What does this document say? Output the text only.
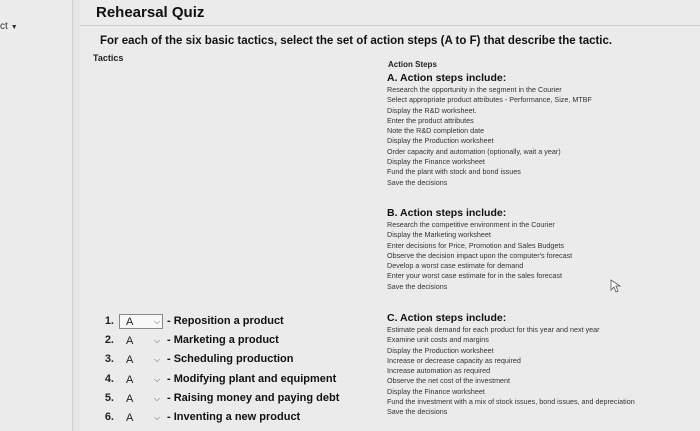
ct ▼
Rehearsal Quiz
For each of the six basic tactics, select the set of action steps (A to F) that describe the tactic.
Tactics
Action Steps
A. Action steps include:
Research the opportunity in the segment in the Courier
Select appropriate product attributes - Performance, Size, MTBF
Display the R&D worksheet.
Enter the product attributes
Note the R&D completion date
Display the Production worksheet
Order capacity and automation (optionally, wait a year)
Display the Finance worksheet
Fund the plant with stock and bond issues
Save the decisions
B. Action steps include:
Research the competitive environment in the Courier
Display the Marketing worksheet
Enter decisions for Price, Promotion and Sales Budgets
Observe the decision impact upon the computer's forecast
Develop a worst case estimate for demand
Enter your worst case estimate for in the sales forecast
Save the decisions
C. Action steps include:
Estimate peak demand for each product for this year and next year
Examine unit costs and margins
Display the Production worksheet
Increase or decrease capacity as required
Increase automation as required
Observe the net cost of the investment
Display the Finance worksheet
Fund the investment with a mix of stock issues, bond issues, and depreciation
Save the decisions
1. A	⌵ - Reposition a product
2. A	⌵ - Marketing a product
3. A	⌵ - Scheduling production
4. A	⌵ - Modifying plant and equipment
5. A	⌵ - Raising money and paying debt
6. A	⌵ - Inventing a new product
